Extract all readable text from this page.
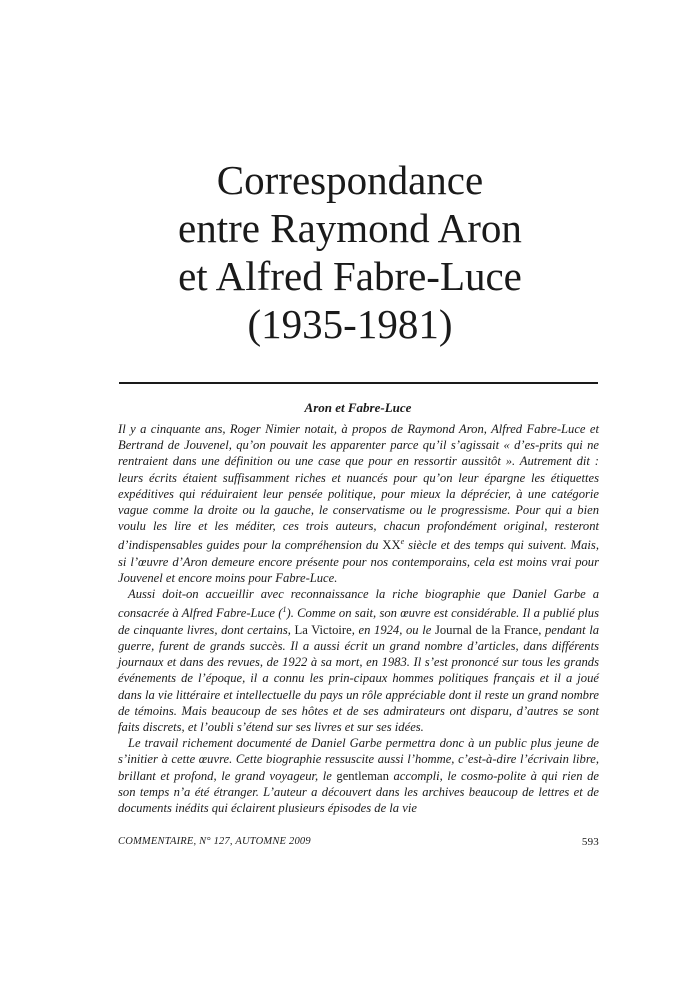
Correspondance
entre Raymond Aron
et Alfred Fabre-Luce
(1935-1981)
Aron et Fabre-Luce

Il y a cinquante ans, Roger Nimier notait, à propos de Raymond Aron, Alfred Fabre-Luce et Bertrand de Jouvenel, qu’on pouvait les apparenter parce qu’il s’agissait « d’es-prits qui ne rentraient dans une définition ou une case que pour en ressortir aussitôt ». Autrement dit : leurs écrits étaient suffisamment riches et nuancés pour qu’on leur épargne les étiquettes expéditives qui réduiraient leur pensée politique, pour mieux la déprécier, à une catégorie vague comme la droite ou la gauche, le conservatisme ou le progressisme. Pour qui a bien voulu les lire et les méditer, ces trois auteurs, chacun profondément original, resteront d’indispensables guides pour la compréhension du XXe siècle et des temps qui suivent. Mais, si l’œuvre d’Aron demeure encore présente pour nos contemporains, cela est moins vrai pour Jouvenel et encore moins pour Fabre-Luce.

Aussi doit-on accueillir avec reconnaissance la riche biographie que Daniel Garbe a consacrée à Alfred Fabre-Luce ($^1$). Comme on sait, son œuvre est considérable. Il a publié plus de cinquante livres, dont certains, La Victoire, en 1924, ou le Journal de la France, pendant la guerre, furent de grands succès. Il a aussi écrit un grand nombre d’articles, dans différents journaux et dans des revues, de 1922 à sa mort, en 1983. Il s’est prononcé sur tous les grands événements de l’époque, il a connu les prin-cipaux hommes politiques français et il a joué dans la vie littéraire et intellectuelle du pays un rôle appréciable dont il reste un grand nombre de témoins. Mais beaucoup de ses hôtes et de ses admirateurs ont disparu, d’autres se sont faits discrets, et l’oubli s’étend sur ses livres et sur ses idées.

Le travail richement documenté de Daniel Garbe permettra donc à un public plus jeune de s’initier à cette œuvre. Cette biographie ressuscite aussi l’homme, c’est-à-dire l’écrivain libre, brillant et profond, le grand voyageur, le gentleman accompli, le cosmo-polite à qui rien de son temps n’a été étranger. L’auteur a découvert dans les archives beaucoup de lettres et de documents inédits qui éclairent plusieurs épisodes de la vie

COMMENTAIRE, N° 127, AUTOMNE 2009	593
